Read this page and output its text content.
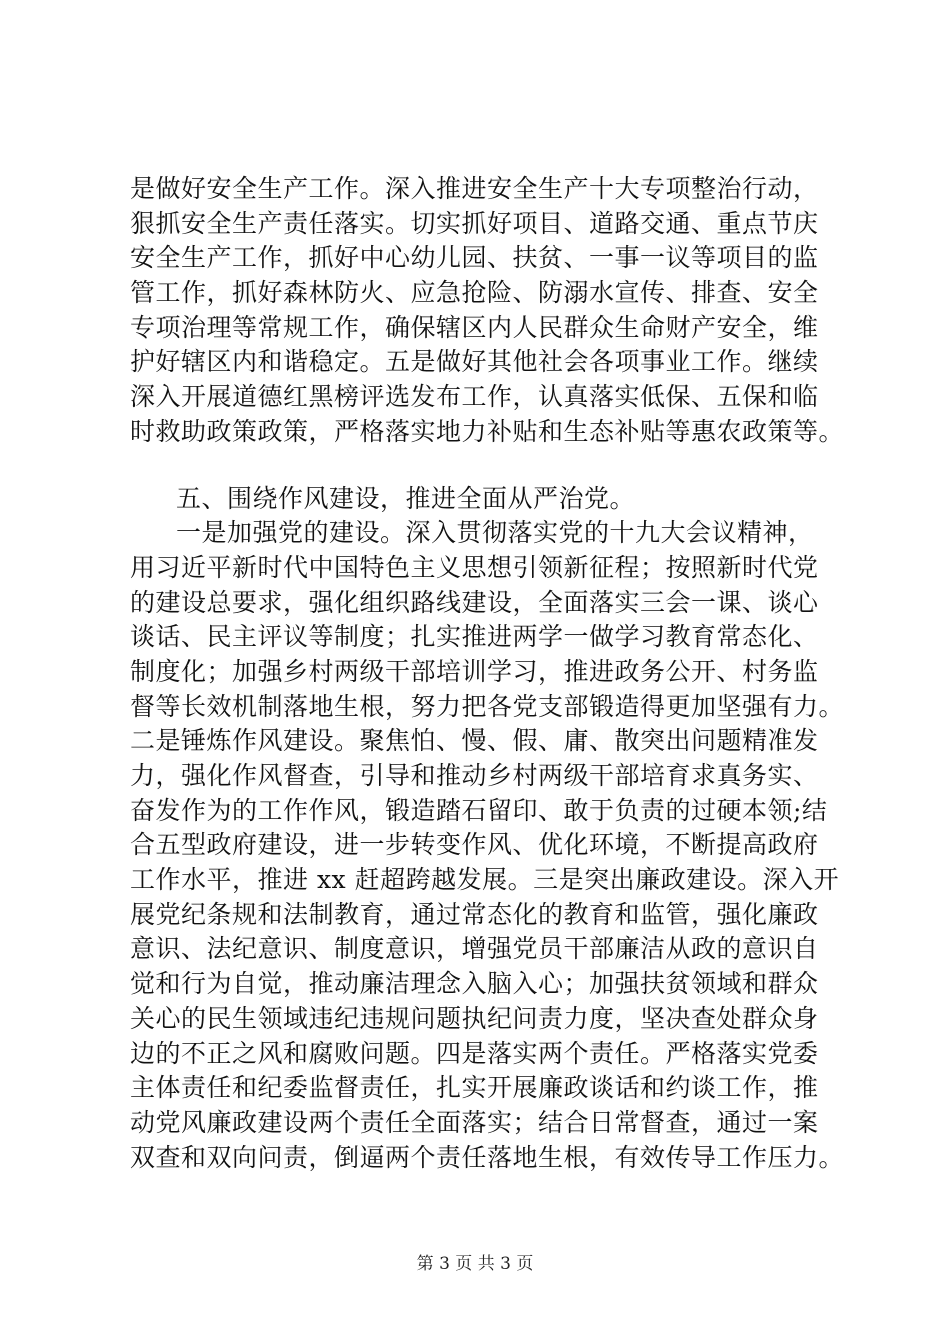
是做好安全生产工作。深入推进安全生产十大专项整治行动，
狠抓安全生产责任落实。切实抓好项目、道路交通、重点节庆
安全生产工作，抓好中心幼儿园、扶贫、一事一议等项目的监
管工作，抓好森林防火、应急抢险、防溺水宣传、排查、安全
专项治理等常规工作，确保辖区内人民群众生命财产安全，维
护好辖区内和谐稳定。五是做好其他社会各项事业工作。继续
深入开展道德红黑榜评选发布工作，认真落实低保、五保和临
时救助政策政策，严格落实地力补贴和生态补贴等惠农政策等。
五、围绕作风建设，推进全面从严治党。
一是加强党的建设。深入贯彻落实党的十九大会议精神，
用习近平新时代中国特色主义思想引领新征程；按照新时代党
的建设总要求，强化组织路线建设，全面落实三会一课、谈心
谈话、民主评议等制度；扎实推进两学一做学习教育常态化、
制度化；加强乡村两级干部培训学习，推进政务公开、村务监
督等长效机制落地生根，努力把各党支部锻造得更加坚强有力。
二是锤炼作风建设。聚焦怕、慢、假、庸、散突出问题精准发
力，强化作风督查，引导和推动乡村两级干部培育求真务实、
奋发作为的工作作风，锻造踏石留印、敢于负责的过硬本领;结
合五型政府建设，进一步转变作风、优化环境，不断提高政府
工作水平，推进 xx 赶超跨越发展。三是突出廉政建设。深入开
展党纪条规和法制教育，通过常态化的教育和监管，强化廉政
意识、法纪意识、制度意识，增强党员干部廉洁从政的意识自
觉和行为自觉，推动廉洁理念入脑入心；加强扶贫领域和群众
关心的民生领域违纪违规问题执纪问责力度，坚决查处群众身
边的不正之风和腐败问题。四是落实两个责任。严格落实党委
主体责任和纪委监督责任，扎实开展廉政谈话和约谈工作，推
动党风廉政建设两个责任全面落实；结合日常督查，通过一案
双查和双向问责，倒逼两个责任落地生根，有效传导工作压力。
第 3 页 共 3 页
